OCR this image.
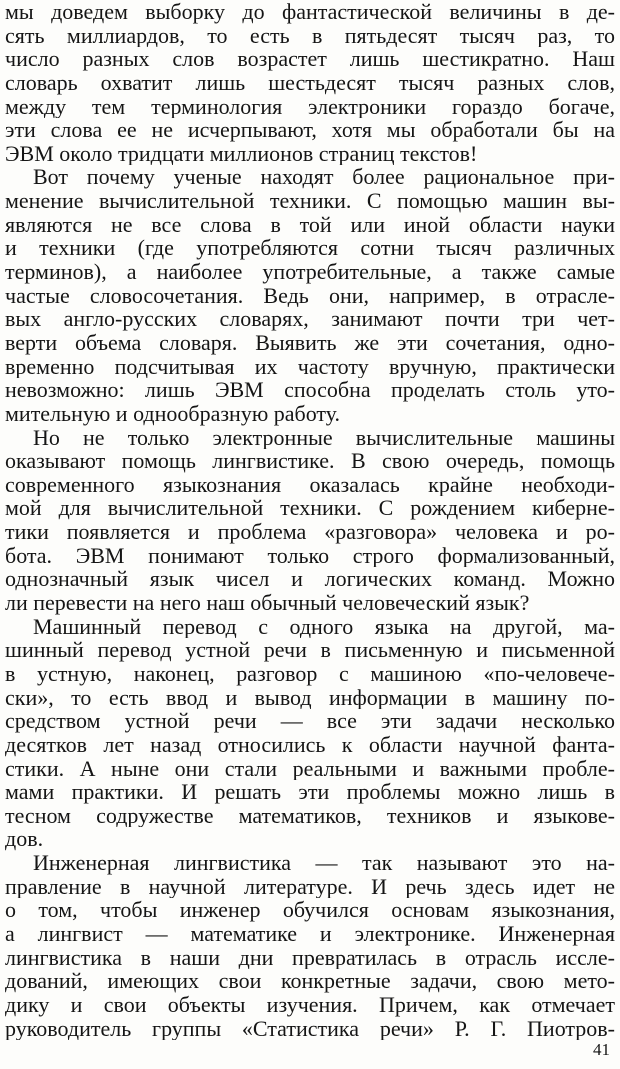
мы доведем выборку до фантастической величины в де-
сять миллиардов, то есть в пятьдесят тысяч раз, то
число разных слов возрастет лишь шестикратно. Наш
словарь охватит лишь шестьдесят тысяч разных слов,
между тем терминология электроники гораздо богаче,
эти слова ее не исчерпывают, хотя мы обработали бы на
ЭВМ около тридцати миллионов страниц текстов!
Вот почему ученые находят более рациональное при-
менение вычислительной техники. С помощью машин вы-
являются не все слова в той или иной области науки
и техники (где употребляются сотни тысяч различных
терминов), а наиболее употребительные, а также самые
частые словосочетания. Ведь они, например, в отрасле-
вых англо-русских словарях, занимают почти три чет-
верти объема словаря. Выявить же эти сочетания, одно-
временно подсчитывая их частоту вручную, практически
невозможно: лишь ЭВМ способна проделать столь уто-
мительную и однообразную работу.
Но не только электронные вычислительные машины
оказывают помощь лингвистике. В свою очередь, помощь
современного языкознания оказалась крайне необходи-
мой для вычислительной техники. С рождением киберне-
тики появляется и проблема «разговора» человека и ро-
бота. ЭВМ понимают только строго формализованный,
однозначный язык чисел и логических команд. Можно
ли перевести на него наш обычный человеческий язык?
Машинный перевод с одного языка на другой, ма-
шинный перевод устной речи в письменную и письменной
в устную, наконец, разговор с машиною «по-человече-
ски», то есть ввод и вывод информации в машину по-
средством устной речи — все эти задачи несколько
десятков лет назад относились к области научной фанта-
стики. А ныне они стали реальными и важными пробле-
мами практики. И решать эти проблемы можно лишь в
тесном содружестве математиков, техников и языкове-
дов.
Инженерная лингвистика — так называют это на-
правление в научной литературе. И речь здесь идет не
о том, чтобы инженер обучился основам языкознания,
а лингвист — математике и электронике. Инженерная
лингвистика в наши дни превратилась в отрасль иссле-
дований, имеющих свои конкретные задачи, свою мето-
дику и свои объекты изучения. Причем, как отмечает
руководитель группы «Статистика речи» Р. Г. Пиотров-
41
